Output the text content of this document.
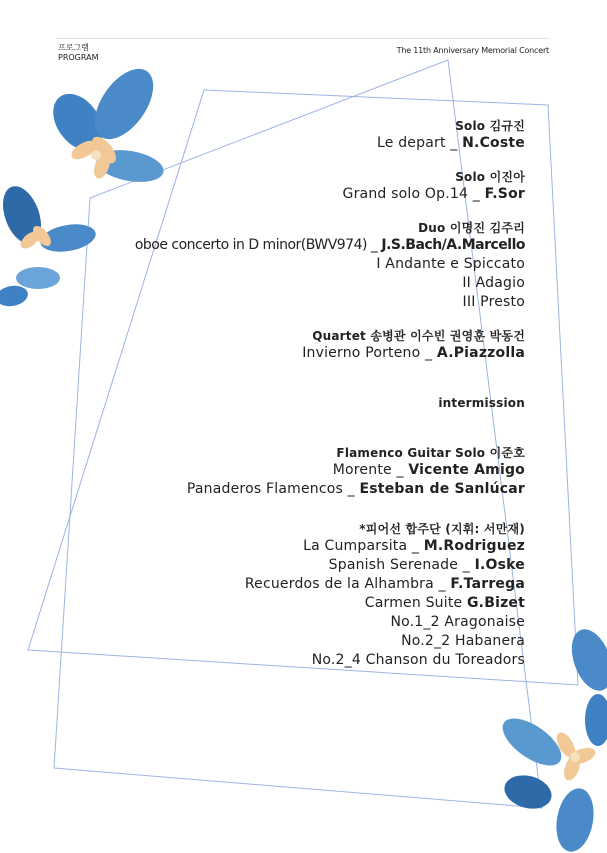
프로그램
PROGRAM
The 11th Anniversary Memorial Concert
Solo 김규진
Le depart _ N.Coste
Solo 이진아
Grand solo Op.14 _ F.Sor
Duo 이명진 김주리
oboe concerto in D minor(BWV974) _ J.S.Bach/A.Marcello
I Andante e Spiccato
II Adagio
III Presto
Quartet 송병관 이수빈 권영훈 박동건
Invierno Porteno _ A.Piazzolla
intermission
Flamenco Guitar Solo 이준호
Morente _ Vicente Amigo
Panaderos Flamencos _ Esteban de Sanlúcar
*피어선 합주단 (지휘: 서만재)
La Cumparsita _ M.Rodriguez
Spanish Serenade _ I.Oske
Recuerdos de la Alhambra _ F.Tarrega
Carmen Suite G.Bizet
No.1_2 Aragonaise
No.2_2 Habanera
No.2_4 Chanson du Toreadors
